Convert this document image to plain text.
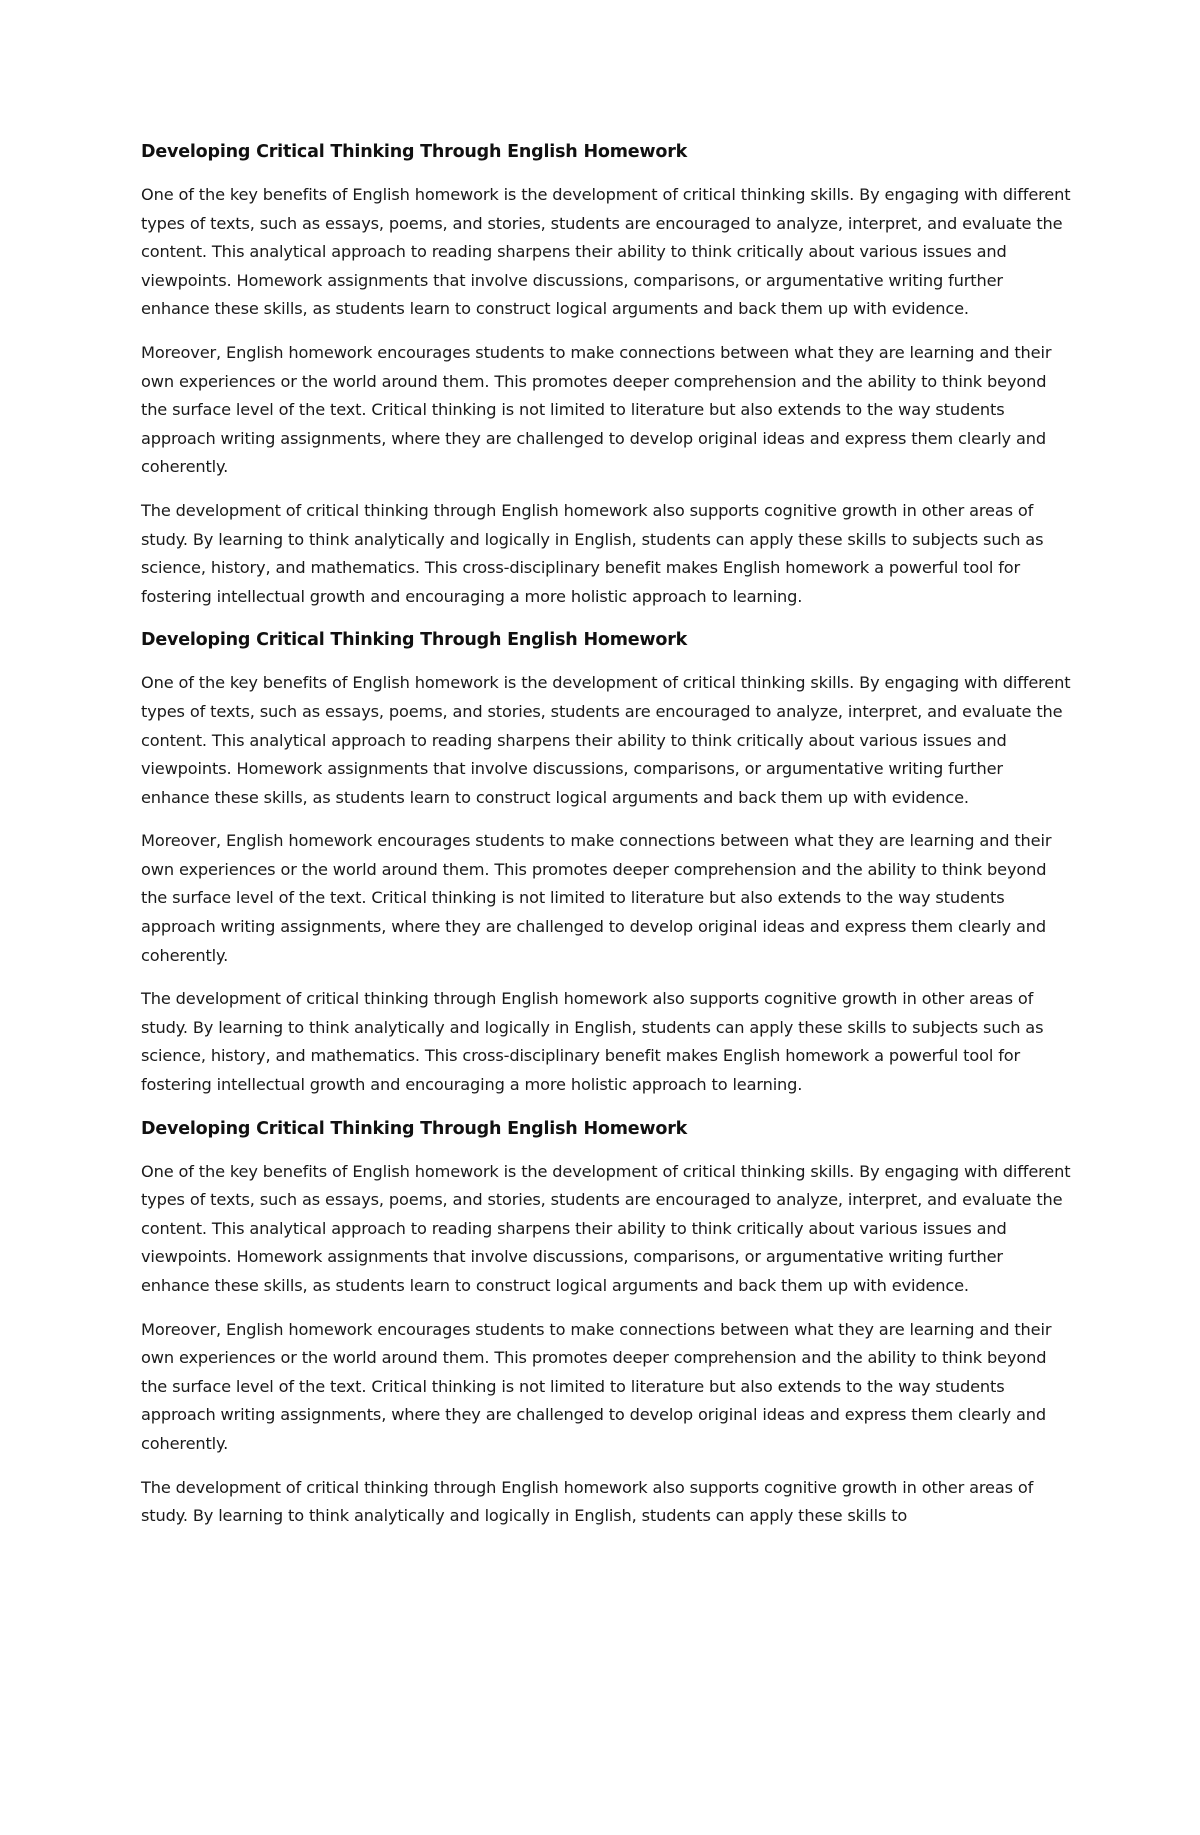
Developing Critical Thinking Through English Homework

One of the key benefits of English homework is the development of critical thinking skills. By engaging with different types of texts, such as essays, poems, and stories, students are encouraged to analyze, interpret, and evaluate the content. This analytical approach to reading sharpens their ability to think critically about various issues and viewpoints. Homework assignments that involve discussions, comparisons, or argumentative writing further enhance these skills, as students learn to construct logical arguments and back them up with evidence.

Moreover, English homework encourages students to make connections between what they are learning and their own experiences or the world around them. This promotes deeper comprehension and the ability to think beyond the surface level of the text. Critical thinking is not limited to literature but also extends to the way students approach writing assignments, where they are challenged to develop original ideas and express them clearly and coherently.

The development of critical thinking through English homework also supports cognitive growth in other areas of study. By learning to think analytically and logically in English, students can apply these skills to subjects such as science, history, and mathematics. This cross-disciplinary benefit makes English homework a powerful tool for fostering intellectual growth and encouraging a more holistic approach to learning.

Developing Critical Thinking Through English Homework

One of the key benefits of English homework is the development of critical thinking skills. By engaging with different types of texts, such as essays, poems, and stories, students are encouraged to analyze, interpret, and evaluate the content. This analytical approach to reading sharpens their ability to think critically about various issues and viewpoints. Homework assignments that involve discussions, comparisons, or argumentative writing further enhance these skills, as students learn to construct logical arguments and back them up with evidence.

Moreover, English homework encourages students to make connections between what they are learning and their own experiences or the world around them. This promotes deeper comprehension and the ability to think beyond the surface level of the text. Critical thinking is not limited to literature but also extends to the way students approach writing assignments, where they are challenged to develop original ideas and express them clearly and coherently.

The development of critical thinking through English homework also supports cognitive growth in other areas of study. By learning to think analytically and logically in English, students can apply these skills to subjects such as science, history, and mathematics. This cross-disciplinary benefit makes English homework a powerful tool for fostering intellectual growth and encouraging a more holistic approach to learning.

Developing Critical Thinking Through English Homework

One of the key benefits of English homework is the development of critical thinking skills. By engaging with different types of texts, such as essays, poems, and stories, students are encouraged to analyze, interpret, and evaluate the content. This analytical approach to reading sharpens their ability to think critically about various issues and viewpoints. Homework assignments that involve discussions, comparisons, or argumentative writing further enhance these skills, as students learn to construct logical arguments and back them up with evidence.

Moreover, English homework encourages students to make connections between what they are learning and their own experiences or the world around them. This promotes deeper comprehension and the ability to think beyond the surface level of the text. Critical thinking is not limited to literature but also extends to the way students approach writing assignments, where they are challenged to develop original ideas and express them clearly and coherently.

The development of critical thinking through English homework also supports cognitive growth in other areas of study. By learning to think analytically and logically in English, students can apply these skills to
